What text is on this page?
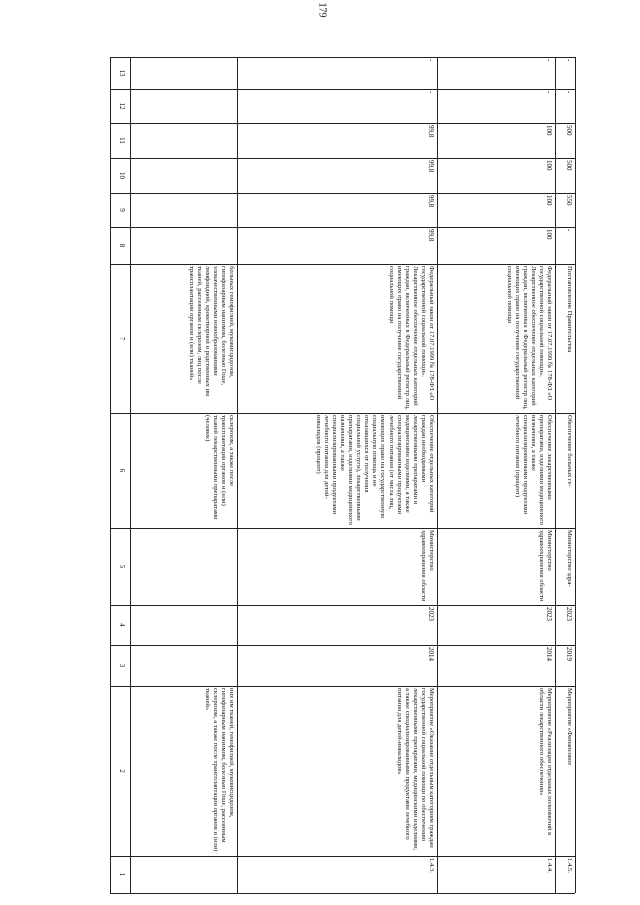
179
1
2
3
4
5
6
7
8
9
10
11
12
13
них им тканей, гемофилией, муковисцидозом, гипофизарным нанизмом, болезнью Гоше, рассеянным склерозом, а также после трансплантации органов и (или) тканей»
склерозом, а также после трансплантации органов и (или) тканей лекарственными препаратами (человек)
больных гемофилией, муковисцидозом, гипофизарным нанизмом, болезнью Гоше, злокачественными новообразованиями лимфоидной, кроветворной и родственных им тканей, рассеянным склерозом, лиц после трансплантации органов и (или) тканей»
1.4.3.
Мероприятие «Оказание отдельным категориям граждан государственной социальной помощи по обеспечению лекарственными препаратами, медицинскими изделиями, а также специализированными продуктами лечебного питания для детей-инвалидов»
2014
2023
Министерство здравоохранения области
Обеспечение отдельных категорий граждан необходимыми лекарственными препаратами и медицинскими изделиями, а также специализированными продуктами лечебного питания (от числа лиц, имеющих право на государственную социальную помощь и не отказавшихся от получения социальной услуги), лекарственными препаратами, изделиями медицинского назначения, а также специализированными продуктами лечебного питания для детей-инвалидов (процент)
Федеральный закон от 17.07.1999 № 178-ФЗ «О государственной социальной помощи». Лекарственное обеспечение отдельных категорий граждан, включенных в Федеральный регистр лиц, имеющих право на получение государственной социальной помощи
99,8
99,8
99,8
99,8
-
-
1.4.4.
Мероприятие «Реализация отдельных полномочий в области лекарственного обеспечения»
2014
2023
Министерство здравоохранения области
Обеспечение лекарственными препаратами, изделиями медицинского назначения, а также специализированными продуктами лечебного питания (процент)
Федеральный закон от 17.07.1999 № 178-ФЗ «О государственной социальной помощи». Лекарственное обеспечение отдельных категорий граждан, включенных в Федеральный регистр лиц, имеющих право на получение государственной социальной помощи
100
100
100
100
-
-
1.4.5.
Мероприятие «Финансовое
2019
2023
Министерство здра-
Обеспечение больных ге-
Постановление Правительства
-
550
500
500
-
-
